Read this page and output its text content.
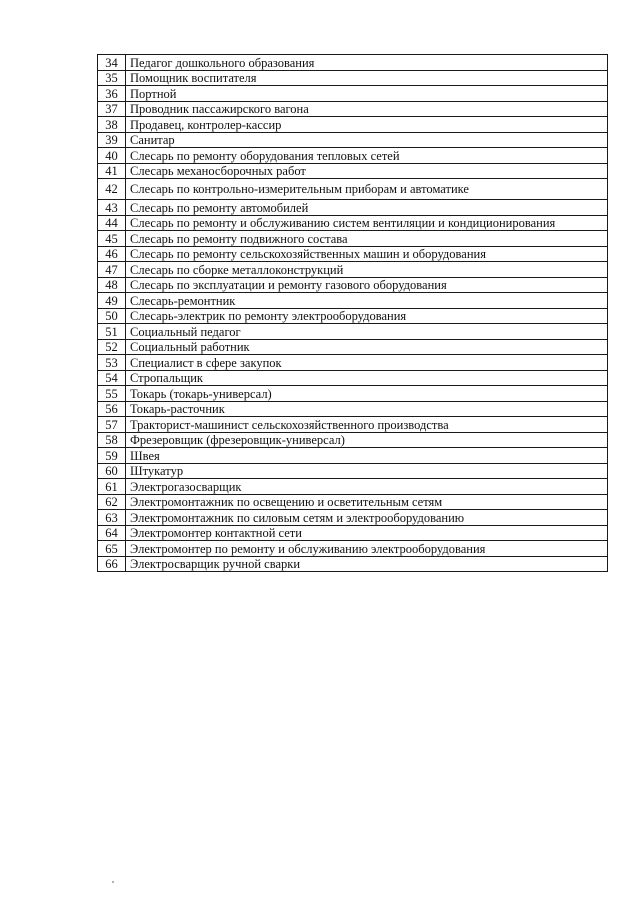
34	Педагог дошкольного образования
35	Помощник воспитателя
36	Портной
37	Проводник пассажирского вагона
38	Продавец, контролер-кассир
39	Санитар
40	Слесарь по ремонту оборудования тепловых сетей
41	Слесарь механосборочных работ
42	Слесарь по контрольно-измерительным приборам и автоматике
43	Слесарь по ремонту автомобилей
44	Слесарь по ремонту и обслуживанию систем вентиляции и кондиционирования
45	Слесарь по ремонту подвижного состава
46	Слесарь по ремонту сельскохозяйственных машин и оборудования
47	Слесарь по сборке металлоконструкций
48	Слесарь по эксплуатации и ремонту газового оборудования
49	Слесарь-ремонтник
50	Слесарь-электрик по ремонту электрооборудования
51	Социальный педагог
52	Социальный работник
53	Специалист в сфере закупок
54	Стропальщик
55	Токарь (токарь-универсал)
56	Токарь-расточник
57	Тракторист-машинист сельскохозяйственного производства
58	Фрезеровщик (фрезеровщик-универсал)
59	Швея
60	Штукатур
61	Электрогазосварщик
62	Электромонтажник по освещению и осветительным сетям
63	Электромонтажник по силовым сетям и электрооборудованию
64	Электромонтер контактной сети
65	Электромонтер по ремонту и обслуживанию электрооборудования
66	Электросварщик ручной сварки
